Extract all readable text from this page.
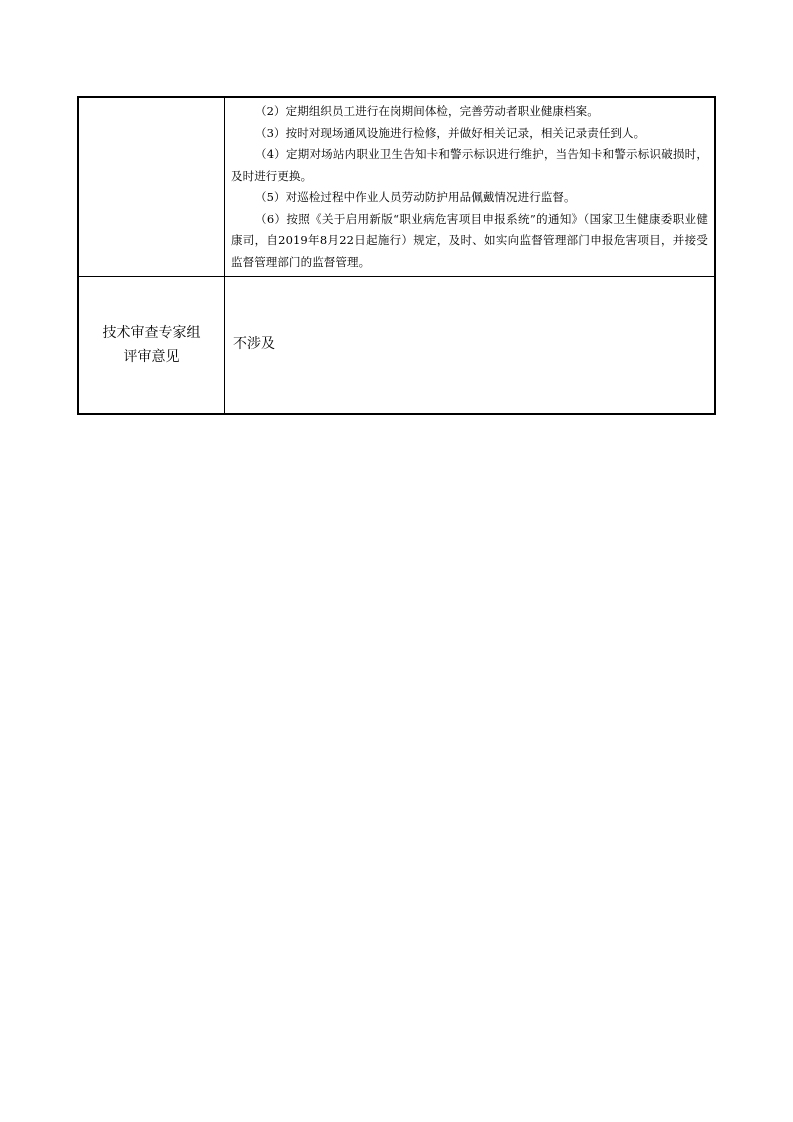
	（2）定期组织员工进行在岗期间体检，完善劳动者职业健康档案。

（3）按时对现场通风设施进行检修，并做好相关记录，相关记录责任到人。

（4）定期对场站内职业卫生告知卡和警示标识进行维护，当告知卡和警示标识破损时，及时进行更换。

（5）对巡检过程中作业人员劳动防护用品佩戴情况进行监督。

（6）按照《关于启用新版“职业病危害项目申报系统”的通知》（国家卫生健康委职业健康司，自2019年8月22日起施行）规定，及时、如实向监督管理部门申报危害项目，并接受监督管理部门的监督管理。

技术审查专家组
评审意见	不涉及
